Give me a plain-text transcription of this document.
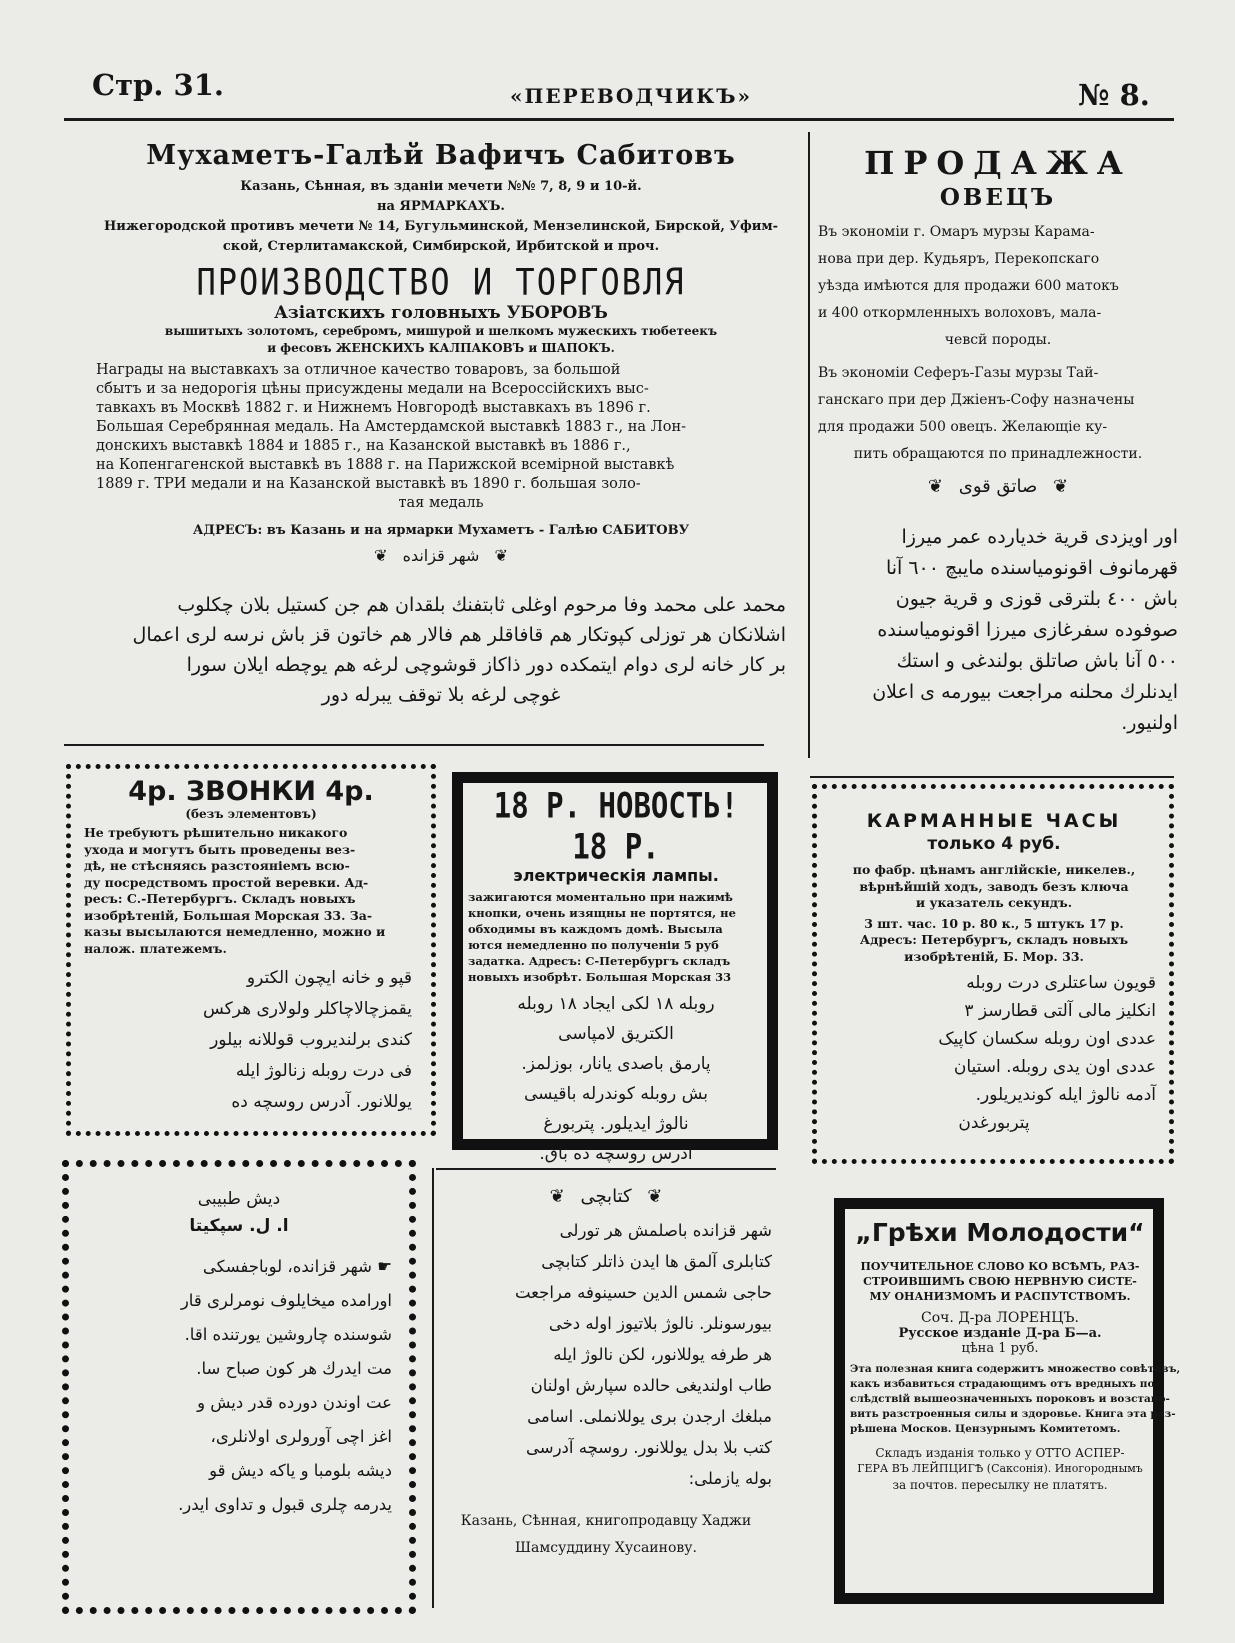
Стр. 31.	«ПЕРЕВОДЧИКЪ»	№ 8.
Мухаметъ-Галѣй Вафичъ Сабитовъ
Казань, Сѣнная, въ зданіи мечети №№ 7, 8, 9 и 10-й.
на ЯРМАРКАХЪ.
Нижегородской противъ мечети № 14, Бугульминской, Мензелинской, Бирской, Уфим-
ской, Стерлитамакской, Симбирской, Ирбитской и проч.
ПРОИЗВОДСТВО И ТОРГОВЛЯ
Азіатскихъ головныхъ УБОРОВЪ
вышитыхъ золотомъ, серебромъ, мишурой и шелкомъ мужескихъ тюбетеекъ
и фесовъ ЖЕНСКИХЪ КАЛПАКОВЪ и ШАПОКЪ.
Награды на выставкахъ за отличное качество товаровъ, за большой
сбытъ и за недорогія цѣны присуждены медали на Всероссійскихъ выс-
тавкахъ въ Москвѣ 1882 г. и Нижнемъ Новгородѣ выставкахъ въ 1896 г.
Большая Серебрянная медаль. На Амстердамской выставкѣ 1883 г., на Лон-
донскихъ выставкѣ 1884 и 1885 г., на Казанской выставкѣ въ 1886 г.,
на Копенгагенской выставкѣ въ 1888 г. на Парижской всемірной выставкѣ
1889 г. ТРИ медали и на Казанской выставкѣ въ 1890 г. большая золо-
тая медаль
АДРЕСЪ: въ Казань и на ярмарки Мухаметъ - Галѣю САБИТОВУ
❦ شهر قزانده ❦
محمد علی محمد وفا مرحوم اوغلی ثابتفنك بلقدان هم جن كستيل بلان چكلوب
اشلانكان هر توزلی كپوتكار هم قافاقلر هم فالار هم خاتون قز باش نرسه لری اعمال
بر كار خانه لری دوام ایتمكده دور ذاكاز قوشوچی لرغه هم یوچطه ایلان سورا
غوچی لرغه بلا توقف یبرله دور
ПРОДАЖА
ОВЕЦЪ
Въ экономіи г. Омаръ мурзы Карама-
нова при дер. Кудьяръ, Перекопскаго
уѣзда имѣются для продажи 600 матокъ
и 400 откормленныхъ волоховъ, мала-
чевсй породы.
Въ экономіи Сеферъ-Газы мурзы Тай-
ганскаго при дер Джіенъ-Софу назначены
для продажи 500 овецъ. Желающіе ку-
пить обращаются по принадлежности.
❦ صاتق قوی ❦
اور اویزدی قریة خدیارده عمر میرزا
قهرمانوف اقونومیاسنده مایبچ ٦٠٠ آنا
باش ٤٠٠ بلترقی قوزی و قریة جیون
صوفوده سفرغازی میرزا اقونومیاسنده
٥٠٠ آنا باش صاتلق بولندغی و استك
ایدنلرك محلنه مراجعت بیورمه ی اعلان
اولنیور.
4р. ЗВОНКИ 4р.
(безъ элементовъ)
Не требуютъ рѣшительно никакого
ухода и могутъ быть проведены вез-
дѣ, не стѣсняясь разстояніемъ всю-
ду посредствомъ простой веревки. Ад-
ресъ: С.-Петербургъ. Складъ новыхъ
изобрѣтеній, Большая Морская 33. За-
казы высылаются немедленно, можно и
налож. платежемъ.
قپو و خانه ایچون الکترو
یقمزچالاچاکلر ولولاری هرکس
کندی برلندیروب قوللانه بیلور
فی درت روبله زنالوژ ایله
یوللانور. آدرس روسچه ده
18 Р. НОВОСТЬ! 18 Р.
электрическія лампы.
зажигаются моментально при нажимѣ
кнопки, очень изящны не портятся, не
обходимы въ каждомъ домѣ. Высыла
ются немедленно по полученіи 5 руб
задатка. Адресъ: С-Петербургъ складъ
новыхъ изобрѣт. Большая Морская 33
روبله ۱۸ لکی ایجاد ۱۸ روبله
الکتریق لامپاسی
پارمق باصدی یانار، بوزلمز.
بش روبله کوندرله باقیسی
نالوژ ایدیلور. پتربورغ
آدرس روسچه ده باق.
КАРМАННЫЕ ЧАСЫ
только 4 руб.
по фабр. цѣнамъ англійскіе, никелев.,
вѣрнѣйшій ходъ, заводъ безъ ключа
и указатель секундъ.
3 шт. час. 10 р. 80 к., 5 штукъ 17 р.
Адресъ: Петербургъ, складъ новыхъ
изобрѣтеній, Б. Мор. 33.
قویون ساعتلری درت روبله
انکلیز مالی آلتی قطارسز ۳
عددی اون روبله سکسان کاپیک
عددی اون یدی روبله. استیان
آدمه نالوژ ایله کوندیریلور.
پتربورغدن
دیش طبیبی
ا. ل. سپکیتا
☛ شهر قزانده، لوباجفسکی
اورامده میخایلوف نومرلری قار
شوسنده چاروشین یورتنده اقا.
مت ایدرك هر کون صباح سا.
عت اوندن دورده قدر دیش و
اغز اچی آورولری اولانلری،
دیشه بلومبا و یاکه دیش قو
یدرمه چلری قبول و تداوی ایدر.
❦ كتابچی ❦
شهر قزانده باصلمش هر تورلی
کتابلری آلمق ها ایدن ذاتلر کتابچی
حاجی شمس الدین حسینوفه مراجعت
بیورسونلر. نالوژ بلاتیوز اوله دخی
هر طرفه یوللانور، لکن نالوژ ایله
طاب اولندیغی حالده سپارش اولنان
مبلغك ارجدن بری یوللانملی. اسامی
کتب بلا بدل یوللانور. روسچه آدرسی
بوله یازملی:
Казань, Сѣнная, книгопродавцу Хаджи
Шамсуддину Хусаинову.
„Грѣхи Молодости“
ПОУЧИТЕЛЬНОЕ СЛОВО КО ВСѢМЪ, РАЗ-
СТРОИВШИМЪ СВОЮ НЕРВНУЮ СИСТЕ-
МУ ОНАНИЗМОМЪ И РАСПУТСТВОМЪ.
Соч. Д-ра ЛОРЕНЦЪ.
Русское изданіе Д-ра Б—а.
цѣна 1 руб.
Эта полезная книга содержитъ множество совѣтовъ,
какъ избавиться страдающимъ отъ вредныхъ по-
слѣдствій вышеозначенныхъ пороковъ и возстано-
вить разстроенныя силы и здоровье. Книга эта раз-
рѣшена Москов. Цензурнымъ Комитетомъ.
Складъ изданія только у ОТТО АСПЕР-
ГЕРА ВЪ ЛЕЙПЦИГѢ (Саксонія). Иногороднымъ
за почтов. пересылку не платятъ.
